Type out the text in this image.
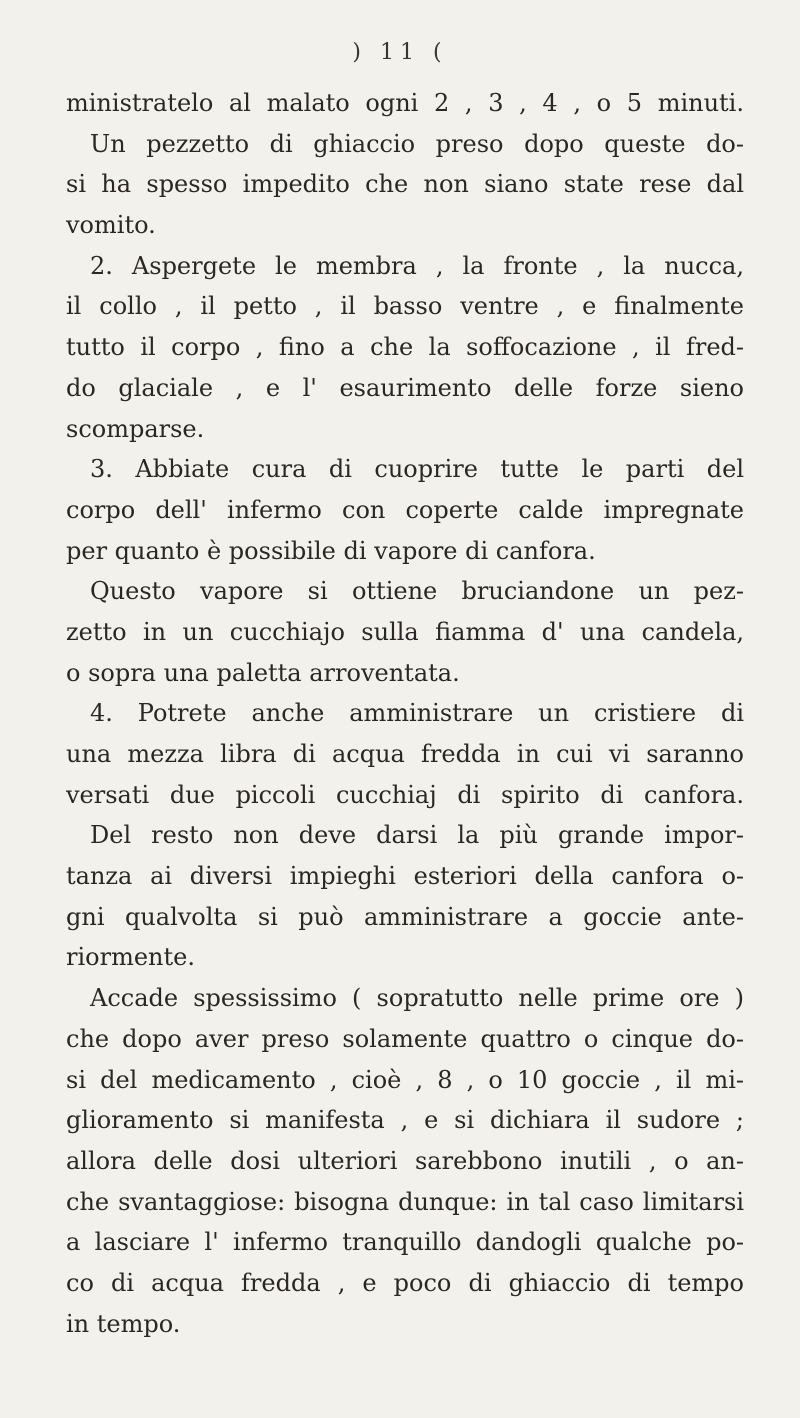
) 11 (
ministratelo al malato ogni 2 , 3 , 4 , o 5 minuti.
Un pezzetto di ghiaccio preso dopo queste do-
si ha spesso impedito che non siano state rese dal
vomito.
2. Aspergete le membra , la fronte , la nucca,
il collo , il petto , il basso ventre , e finalmente
tutto il corpo , fino a che la soffocazione , il fred-
do glaciale , e l' esaurimento delle forze sieno
scomparse.
3. Abbiate cura di cuoprire tutte le parti del
corpo dell' infermo con coperte calde impregnate
per quanto è possibile di vapore di canfora.
Questo vapore si ottiene bruciandone un pez-
zetto in un cucchiajo sulla fiamma d' una candela,
o sopra una paletta arroventata.
4. Potrete anche amministrare un cristiere di
una mezza libra di acqua fredda in cui vi saranno
versati due piccoli cucchiaj di spirito di canfora.
Del resto non deve darsi la più grande impor-
tanza ai diversi impieghi esteriori della canfora o-
gni qualvolta si può amministrare a goccie ante-
riormente.
Accade spessissimo ( sopratutto nelle prime ore )
che dopo aver preso solamente quattro o cinque do-
si del medicamento , cioè , 8 , o 10 goccie , il mi-
glioramento si manifesta , e si dichiara il sudore ;
allora delle dosi ulteriori sarebbono inutili , o an-
che svantaggiose: bisogna dunque: in tal caso limitarsi
a lasciare l' infermo tranquillo dandogli qualche po-
co di acqua fredda , e poco di ghiaccio di tempo
in tempo.
